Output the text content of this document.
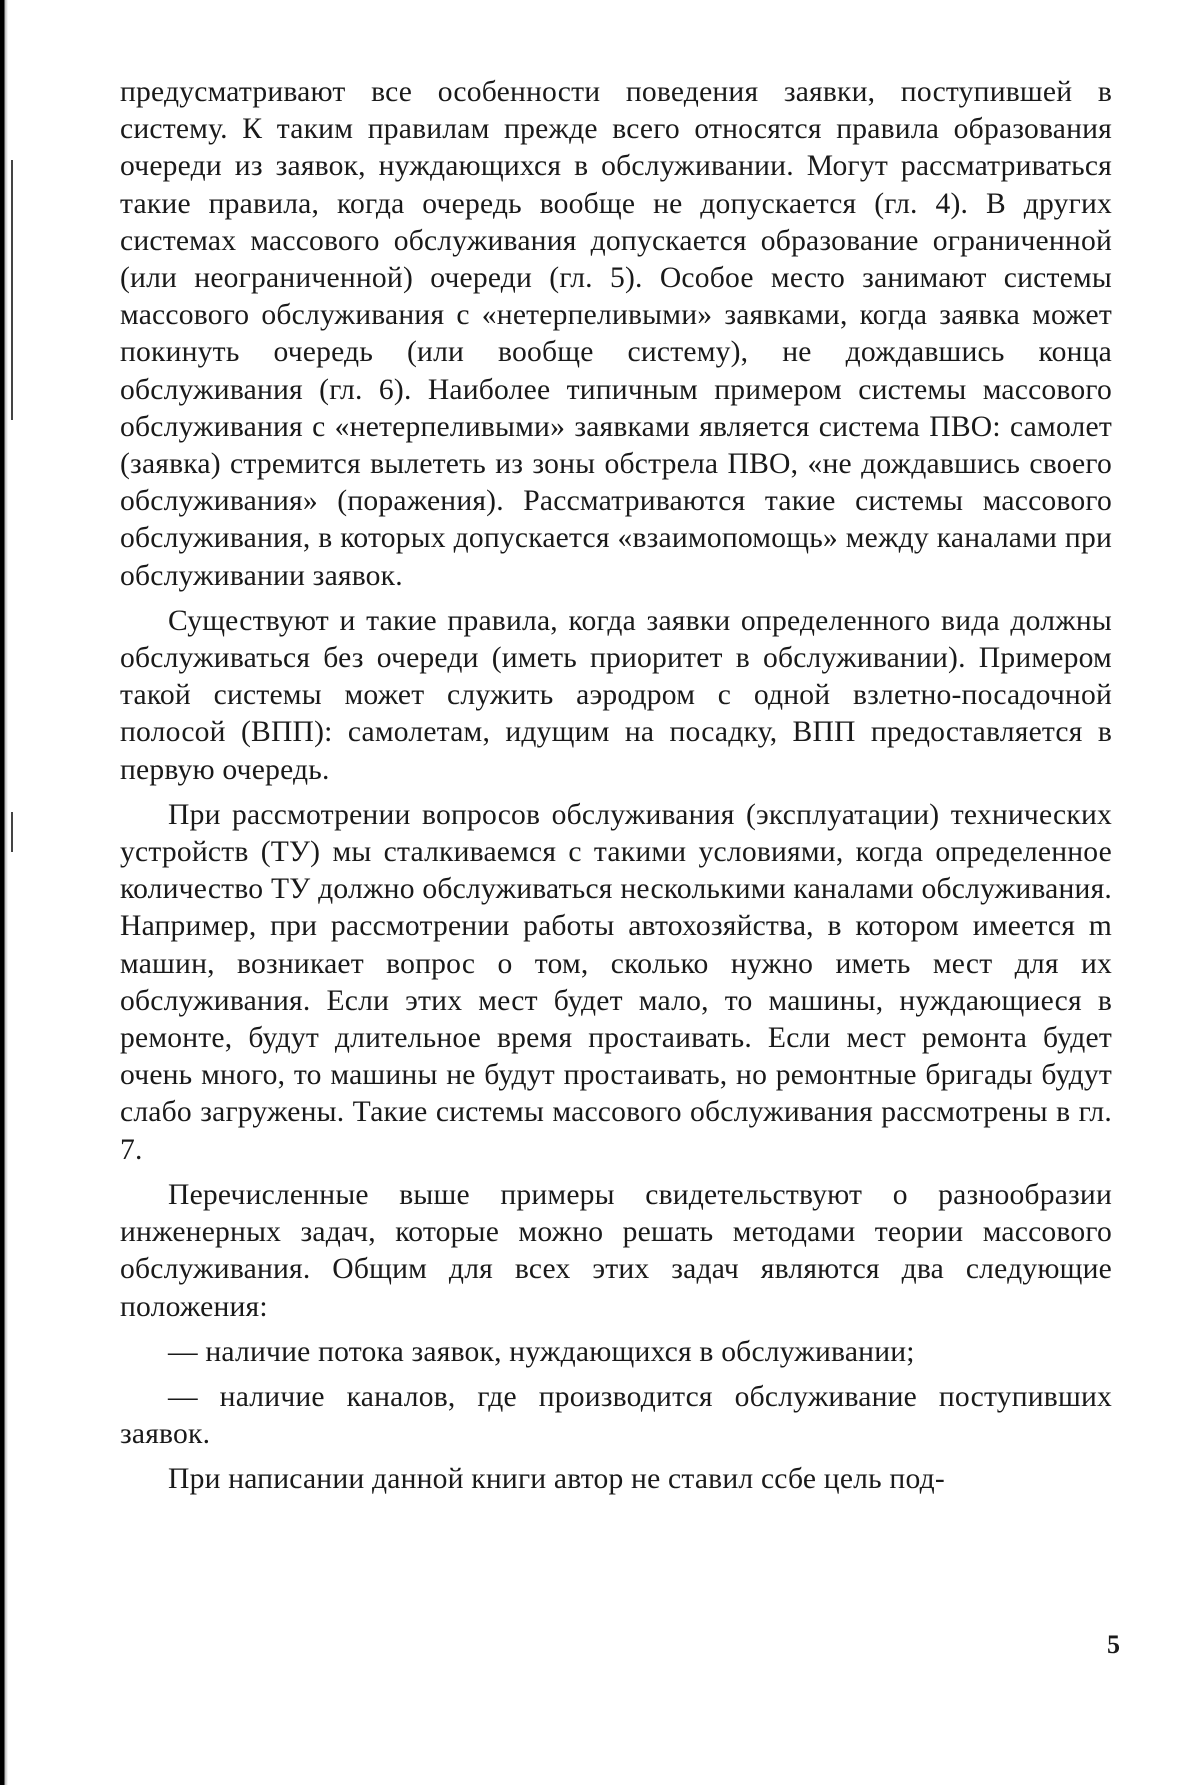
предусматривают все особенности поведения заявки, поступившей в систему. К таким правилам прежде всего относятся правила образования очереди из заявок, нуждающихся в обслуживании. Могут рассматриваться такие правила, когда очередь вообще не допускается (гл. 4). В других системах массового обслуживания допускается образование ограниченной (или неограниченной) очереди (гл. 5). Особое место занимают системы массового обслуживания с «нетерпеливыми» заявками, когда заявка может покинуть очередь (или вообще систему), не дождавшись конца обслуживания (гл. 6). Наиболее типичным примером системы массового обслуживания с «нетерпеливыми» заявками является система ПВО: самолет (заявка) стремится вылететь из зоны обстрела ПВО, «не дождавшись своего обслуживания» (поражения). Рассматриваются такие системы массового обслуживания, в которых допускается «взаимопомощь» между каналами при обслуживании заявок.

Существуют и такие правила, когда заявки определенного вида должны обслуживаться без очереди (иметь приоритет в обслуживании). Примером такой системы может служить аэродром с одной взлетно-посадочной полосой (ВПП): самолетам, идущим на посадку, ВПП предоставляется в первую очередь.

При рассмотрении вопросов обслуживания (эксплуатации) технических устройств (ТУ) мы сталкиваемся с такими условиями, когда определенное количество ТУ должно обслуживаться несколькими каналами обслуживания. Например, при рассмотрении работы автохозяйства, в котором имеется m машин, возникает вопрос о том, сколько нужно иметь мест для их обслуживания. Если этих мест будет мало, то машины, нуждающиеся в ремонте, будут длительное время простаивать. Если мест ремонта будет очень много, то машины не будут простаивать, но ремонтные бригады будут слабо загружены. Такие системы массового обслуживания рассмотрены в гл. 7.

Перечисленные выше примеры свидетельствуют о разнообразии инженерных задач, которые можно решать методами теории массового обслуживания. Общим для всех этих задач являются два следующие положения:

— наличие потока заявок, нуждающихся в обслуживании;

— наличие каналов, где производится обслуживание поступивших заявок.

При написании данной книги автор не ставил ссбе цель под-

5
